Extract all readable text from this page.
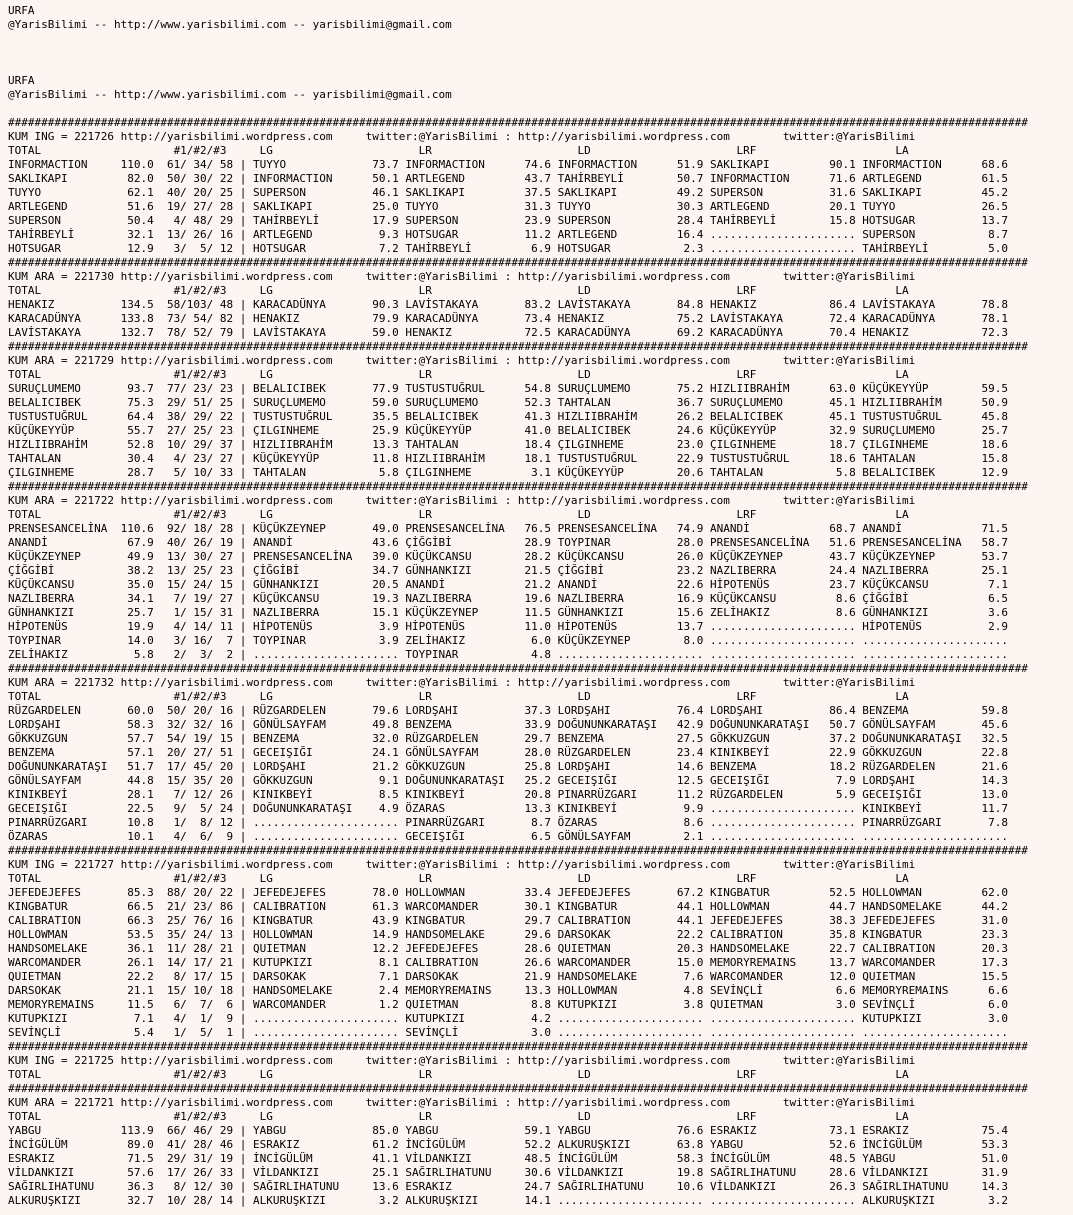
URFA
@YarisBilimi -- http://www.yarisbilimi.com -- yarisbilimi@gmail.com
URFA
@YarisBilimi -- http://www.yarisbilimi.com -- yarisbilimi@gmail.com
##########################################################################################################################################################
KUM ING = 221726 http://yarisbilimi.wordpress.com     twitter:@YarisBilimi : http://yarisbilimi.wordpress.com        twitter:@YarisBilimi
TOTAL                    #1/#2/#3     LG                      LR                      LD                      LRF                     LA
INFORMACTION     110.0  61/ 34/ 58 | TUYYO             73.7 INFORMACTION      74.6 INFORMACTION      51.9 SAKLIKAPI         90.1 INFORMACTION      68.6
SAKLIKAPI         82.0  50/ 30/ 22 | INFORMACTION      50.1 ARTLEGEND         43.7 TAHİRBEYLİ        50.7 INFORMACTION      71.6 ARTLEGEND         61.5
TUYYO             62.1  40/ 20/ 25 | SUPERSON          46.1 SAKLIKAPI         37.5 SAKLIKAPI         49.2 SUPERSON          31.6 SAKLIKAPI         45.2
ARTLEGEND         51.6  19/ 27/ 28 | SAKLIKAPI         25.0 TUYYO             31.3 TUYYO             30.3 ARTLEGEND         20.1 TUYYO             26.5
SUPERSON          50.4   4/ 48/ 29 | TAHİRBEYLİ        17.9 SUPERSON          23.9 SUPERSON          28.4 TAHİRBEYLİ        15.8 HOTSUGAR          13.7
TAHİRBEYLİ        32.1  13/ 26/ 16 | ARTLEGEND          9.3 HOTSUGAR          11.2 ARTLEGEND         16.4 ...................... SUPERSON           8.7
HOTSUGAR          12.9   3/  5/ 12 | HOTSUGAR           7.2 TAHİRBEYLİ         6.9 HOTSUGAR           2.3 ...................... TAHİRBEYLİ         5.0
##########################################################################################################################################################
KUM ARA = 221730 http://yarisbilimi.wordpress.com     twitter:@YarisBilimi : http://yarisbilimi.wordpress.com        twitter:@YarisBilimi
TOTAL                    #1/#2/#3     LG                      LR                      LD                      LRF                     LA
HENAKIZ          134.5  58/103/ 48 | KARACADÜNYA       90.3 LAVİSTAKAYA       83.2 LAVİSTAKAYA       84.8 HENAKIZ           86.4 LAVİSTAKAYA       78.8
KARACADÜNYA      133.8  73/ 54/ 82 | HENAKIZ           79.9 KARACADÜNYA       73.4 HENAKIZ           75.2 LAVİSTAKAYA       72.4 KARACADÜNYA       78.1
LAVİSTAKAYA      132.7  78/ 52/ 79 | LAVİSTAKAYA       59.0 HENAKIZ           72.5 KARACADÜNYA       69.2 KARACADÜNYA       70.4 HENAKIZ           72.3
##########################################################################################################################################################
KUM ARA = 221729 http://yarisbilimi.wordpress.com     twitter:@YarisBilimi : http://yarisbilimi.wordpress.com        twitter:@YarisBilimi
TOTAL                    #1/#2/#3     LG                      LR                      LD                      LRF                     LA
SURUÇLUMEMO       93.7  77/ 23/ 23 | BELALICIBEK       77.9 TUSTUSTUĞRUL      54.8 SURUÇLUMEMO       75.2 HIZLIIBRAHİM      63.0 KÜÇÜKEYYÜP        59.5
BELALICIBEK       75.3  29/ 51/ 25 | SURUÇLUMEMO       59.0 SURUÇLUMEMO       52.3 TAHTALAN          36.7 SURUÇLUMEMO       45.1 HIZLIIBRAHİM      50.9
TUSTUSTUĞRUL      64.4  38/ 29/ 22 | TUSTUSTUĞRUL      35.5 BELALICIBEK       41.3 HIZLIIBRAHİM      26.2 BELALICIBEK       45.1 TUSTUSTUĞRUL      45.8
KÜÇÜKEYYÜP        55.7  27/ 25/ 23 | ÇILGINHEME        25.9 KÜÇÜKEYYÜP        41.0 BELALICIBEK       24.6 KÜÇÜKEYYÜP        32.9 SURUÇLUMEMO       25.7
HIZLIIBRAHİM      52.8  10/ 29/ 37 | HIZLIIBRAHİM      13.3 TAHTALAN          18.4 ÇILGINHEME        23.0 ÇILGINHEME        18.7 ÇILGINHEME        18.6
TAHTALAN          30.4   4/ 23/ 27 | KÜÇÜKEYYÜP        11.8 HIZLIIBRAHİM      18.1 TUSTUSTUĞRUL      22.9 TUSTUSTUĞRUL      18.6 TAHTALAN          15.8
ÇILGINHEME        28.7   5/ 10/ 33 | TAHTALAN           5.8 ÇILGINHEME         3.1 KÜÇÜKEYYÜP        20.6 TAHTALAN           5.8 BELALICIBEK       12.9
##########################################################################################################################################################
KUM ARA = 221722 http://yarisbilimi.wordpress.com     twitter:@YarisBilimi : http://yarisbilimi.wordpress.com        twitter:@YarisBilimi
TOTAL                    #1/#2/#3     LG                      LR                      LD                      LRF                     LA
PRENSESANCELİNA  110.6  92/ 18/ 28 | KÜÇÜKZEYNEP       49.0 PRENSESANCELİNA   76.5 PRENSESANCELİNA   74.9 ANANDİ            68.7 ANANDİ            71.5
ANANDİ            67.9  40/ 26/ 19 | ANANDİ            43.6 ÇİĞGİBİ           28.9 TOYPINAR          28.0 PRENSESANCELİNA   51.6 PRENSESANCELİNA   58.7
KÜÇÜKZEYNEP       49.9  13/ 30/ 27 | PRENSESANCELİNA   39.0 KÜÇÜKCANSU        28.2 KÜÇÜKCANSU        26.0 KÜÇÜKZEYNEP       43.7 KÜÇÜKZEYNEP       53.7
ÇİĞGİBİ           38.2  13/ 25/ 23 | ÇİĞGİBİ           34.7 GÜNHANKIZI        21.5 ÇİĞGİBİ           23.2 NAZLIBERRA        24.4 NAZLIBERRA        25.1
KÜÇÜKCANSU        35.0  15/ 24/ 15 | GÜNHANKIZI        20.5 ANANDİ            21.2 ANANDİ            22.6 HİPOTENÜS         23.7 KÜÇÜKCANSU         7.1
NAZLIBERRA        34.1   7/ 19/ 27 | KÜÇÜKCANSU        19.3 NAZLIBERRA        19.6 NAZLIBERRA        16.9 KÜÇÜKCANSU         8.6 ÇİĞGİBİ            6.5
GÜNHANKIZI        25.7   1/ 15/ 31 | NAZLIBERRA        15.1 KÜÇÜKZEYNEP       11.5 GÜNHANKIZI        15.6 ZELİHAKIZ          8.6 GÜNHANKIZI         3.6
HİPOTENÜS         19.9   4/ 14/ 11 | HİPOTENÜS          3.9 HİPOTENÜS         11.0 HİPOTENÜS         13.7 ...................... HİPOTENÜS          2.9
TOYPINAR          14.0   3/ 16/  7 | TOYPINAR           3.9 ZELİHAKIZ          6.0 KÜÇÜKZEYNEP        8.0 ...................... ......................
ZELİHAKIZ          5.8   2/  3/  2 | ...................... TOYPINAR           4.8 ...................... ...................... ......................
##########################################################################################################################################################
KUM ARA = 221732 http://yarisbilimi.wordpress.com     twitter:@YarisBilimi : http://yarisbilimi.wordpress.com        twitter:@YarisBilimi
TOTAL                    #1/#2/#3     LG                      LR                      LD                      LRF                     LA
RÜZGARDELEN       60.0  50/ 20/ 16 | RÜZGARDELEN       79.6 LORDŞAHI          37.3 LORDŞAHI          76.4 LORDŞAHI          86.4 BENZEMA           59.8
LORDŞAHI          58.3  32/ 32/ 16 | GÖNÜLSAYFAM       49.8 BENZEMA           33.9 DOĞUNUNKARATAŞI   42.9 DOĞUNUNKARATAŞI   50.7 GÖNÜLSAYFAM       45.6
GÖKKUZGUN         57.7  54/ 19/ 15 | BENZEMA           32.0 RÜZGARDELEN       29.7 BENZEMA           27.5 GÖKKUZGUN         37.2 DOĞUNUNKARATAŞI   32.5
BENZEMA           57.1  20/ 27/ 51 | GECEIŞIĞI         24.1 GÖNÜLSAYFAM       28.0 RÜZGARDELEN       23.4 KINIKBEYİ         22.9 GÖKKUZGUN         22.8
DOĞUNUNKARATAŞI   51.7  17/ 45/ 20 | LORDŞAHI          21.2 GÖKKUZGUN         25.8 LORDŞAHI          14.6 BENZEMA           18.2 RÜZGARDELEN       21.6
GÖNÜLSAYFAM       44.8  15/ 35/ 20 | GÖKKUZGUN          9.1 DOĞUNUNKARATAŞI   25.2 GECEIŞIĞI         12.5 GECEIŞIĞI          7.9 LORDŞAHI          14.3
KINIKBEYİ         28.1   7/ 12/ 26 | KINIKBEYİ          8.5 KINIKBEYİ         20.8 PINARRÜZGARI      11.2 RÜZGARDELEN        5.9 GECEIŞIĞI         13.0
GECEIŞIĞI         22.5   9/  5/ 24 | DOĞUNUNKARATAŞI    4.9 ÖZARAS            13.3 KINIKBEYİ          9.9 ...................... KINIKBEYİ         11.7
PINARRÜZGARI      10.8   1/  8/ 12 | ...................... PINARRÜZGARI       8.7 ÖZARAS             8.6 ...................... PINARRÜZGARI       7.8
ÖZARAS            10.1   4/  6/  9 | ...................... GECEIŞIĞI          6.5 GÖNÜLSAYFAM        2.1 ...................... ......................
##########################################################################################################################################################
KUM ING = 221727 http://yarisbilimi.wordpress.com     twitter:@YarisBilimi : http://yarisbilimi.wordpress.com        twitter:@YarisBilimi
TOTAL                    #1/#2/#3     LG                      LR                      LD                      LRF                     LA
JEFEDEJEFES       85.3  88/ 20/ 22 | JEFEDEJEFES       78.0 HOLLOWMAN         33.4 JEFEDEJEFES       67.2 KINGBATUR         52.5 HOLLOWMAN         62.0
KINGBATUR         66.5  21/ 23/ 86 | CALIBRATION       61.3 WARCOMANDER       30.1 KINGBATUR         44.1 HOLLOWMAN         44.7 HANDSOMELAKE      44.2
CALIBRATION       66.3  25/ 76/ 16 | KINGBATUR         43.9 KINGBATUR         29.7 CALIBRATION       44.1 JEFEDEJEFES       38.3 JEFEDEJEFES       31.0
HOLLOWMAN         53.5  35/ 24/ 13 | HOLLOWMAN         14.9 HANDSOMELAKE      29.6 DARSOKAK          22.2 CALIBRATION       35.8 KINGBATUR         23.3
HANDSOMELAKE      36.1  11/ 28/ 21 | QUIETMAN          12.2 JEFEDEJEFES       28.6 QUIETMAN          20.3 HANDSOMELAKE      22.7 CALIBRATION       20.3
WARCOMANDER       26.1  14/ 17/ 21 | KUTUPKIZI          8.1 CALIBRATION       26.6 WARCOMANDER       15.0 MEMORYREMAINS     13.7 WARCOMANDER       17.3
QUIETMAN          22.2   8/ 17/ 15 | DARSOKAK           7.1 DARSOKAK          21.9 HANDSOMELAKE       7.6 WARCOMANDER       12.0 QUIETMAN          15.5
DARSOKAK          21.1  15/ 10/ 18 | HANDSOMELAKE       2.4 MEMORYREMAINS     13.3 HOLLOWMAN          4.8 SEVİNÇLİ           6.6 MEMORYREMAINS      6.6
MEMORYREMAINS     11.5   6/  7/  6 | WARCOMANDER        1.2 QUIETMAN           8.8 KUTUPKIZI          3.8 QUIETMAN           3.0 SEVİNÇLİ           6.0
KUTUPKIZI          7.1   4/  1/  9 | ...................... KUTUPKIZI          4.2 ...................... ...................... KUTUPKIZI          3.0
SEVİNÇLİ           5.4   1/  5/  1 | ...................... SEVİNÇLİ           3.0 ...................... ...................... ......................
##########################################################################################################################################################
KUM ING = 221725 http://yarisbilimi.wordpress.com     twitter:@YarisBilimi : http://yarisbilimi.wordpress.com        twitter:@YarisBilimi
TOTAL                    #1/#2/#3     LG                      LR                      LD                      LRF                     LA
##########################################################################################################################################################
KUM ARA = 221721 http://yarisbilimi.wordpress.com     twitter:@YarisBilimi : http://yarisbilimi.wordpress.com        twitter:@YarisBilimi
TOTAL                    #1/#2/#3     LG                      LR                      LD                      LRF                     LA
YABGU            113.9  66/ 46/ 29 | YABGU             85.0 YABGU             59.1 YABGU             76.6 ESRAKIZ           73.1 ESRAKIZ           75.4
İNCİGÜLÜM         89.0  41/ 28/ 46 | ESRAKIZ           61.2 İNCİGÜLÜM         52.2 ALKURUŞKIZI       63.8 YABGU             52.6 İNCİGÜLÜM         53.3
ESRAKIZ           71.5  29/ 31/ 19 | İNCİGÜLÜM         41.1 VİLDANKIZI        48.5 İNCİGÜLÜM         58.3 İNCİGÜLÜM         48.5 YABGU             51.0
VİLDANKIZI        57.6  17/ 26/ 33 | VİLDANKIZI        25.1 SAĞIRLIHATUNU     30.6 VİLDANKIZI        19.8 SAĞIRLIHATUNU     28.6 VİLDANKIZI        31.9
SAĞIRLIHATUNU     36.3   8/ 12/ 30 | SAĞIRLIHATUNU     13.6 ESRAKIZ           24.7 SAĞIRLIHATUNU     10.6 VİLDANKIZI        26.3 SAĞIRLIHATUNU     14.3
ALKURUŞKIZI       32.7  10/ 28/ 14 | ALKURUŞKIZI        3.2 ALKURUŞKIZI       14.1 ...................... ...................... ALKURUŞKIZI        3.2
